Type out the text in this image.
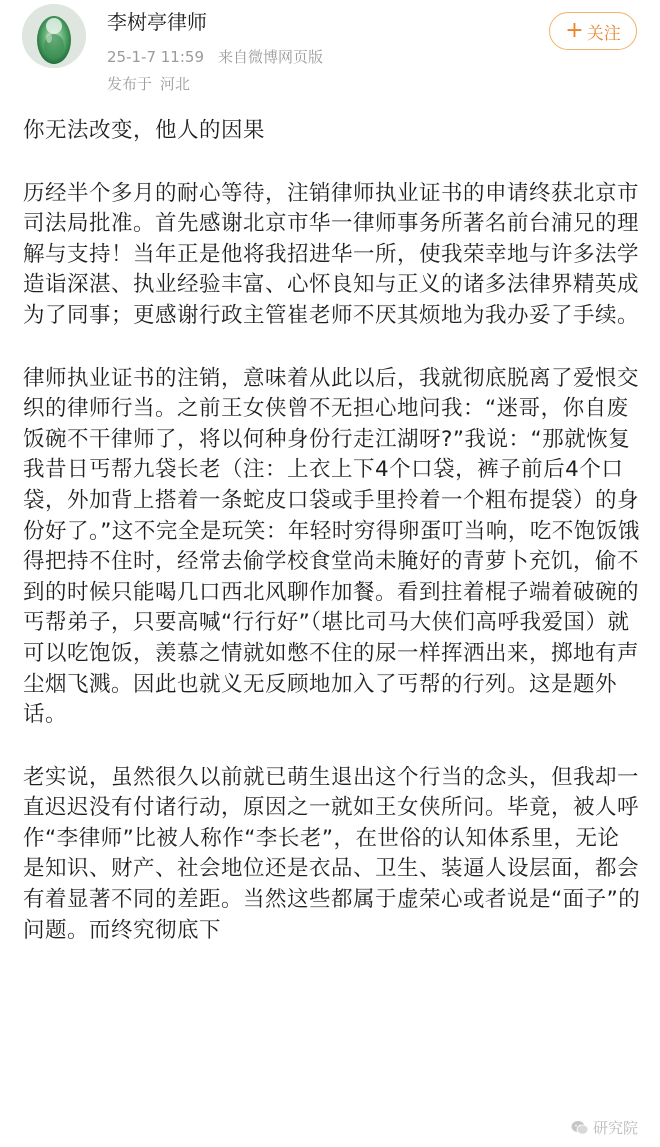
李树亭律师
25-1-7 11:59 来自微博网页版
发布于 河北
+ 关注

你无法改变，他人的因果

历经半个多月的耐心等待，注销律师执业证书的申请终获北京市司法局批准。首先感谢北京市华一律师事务所著名前台浦兄的理解与支持！当年正是他将我招进华一所，使我荣幸地与许多法学造诣深湛、执业经验丰富、心怀良知与正义的诸多法律界精英成为了同事；更感谢行政主管崔老师不厌其烦地为我办妥了手续。

律师执业证书的注销，意味着从此以后，我就彻底脱离了爱恨交织的律师行当。之前王女侠曾不无担心地问我：“迷哥，你自废饭碗不干律师了，将以何种身份行走江湖呀?”我说：“那就恢复我昔日丐帮九袋长老（注：上衣上下4个口袋，裤子前后4个口袋，外加背上搭着一条蛇皮口袋或手里拎着一个粗布提袋）的身份好了。”这不完全是玩笑：年轻时穷得卵蛋叮当响，吃不饱饭饿得把持不住时，经常去偷学校食堂尚未腌好的青萝卜充饥，偷不到的时候只能喝几口西北风聊作加餐。看到拄着棍子端着破碗的丐帮弟子，只要高喊“行行好”（堪比司马大侠们高呼我爱国）就可以吃饱饭，羡慕之情就如憋不住的尿一样挥洒出来，掷地有声尘烟飞溅。因此也就义无反顾地加入了丐帮的行列。这是题外话。

老实说，虽然很久以前就已萌生退出这个行当的念头，但我却一直迟迟没有付诸行动，原因之一就如王女侠所问。毕竟，被人呼作“李律师”比被人称作“李长老”，在世俗的认知体系里，无论是知识、财产、社会地位还是衣品、卫生、装逼人设层面，都会有着显著不同的差距。当然这些都属于虚荣心或者说是“面子”的问题。而终究彻底下

研究院
